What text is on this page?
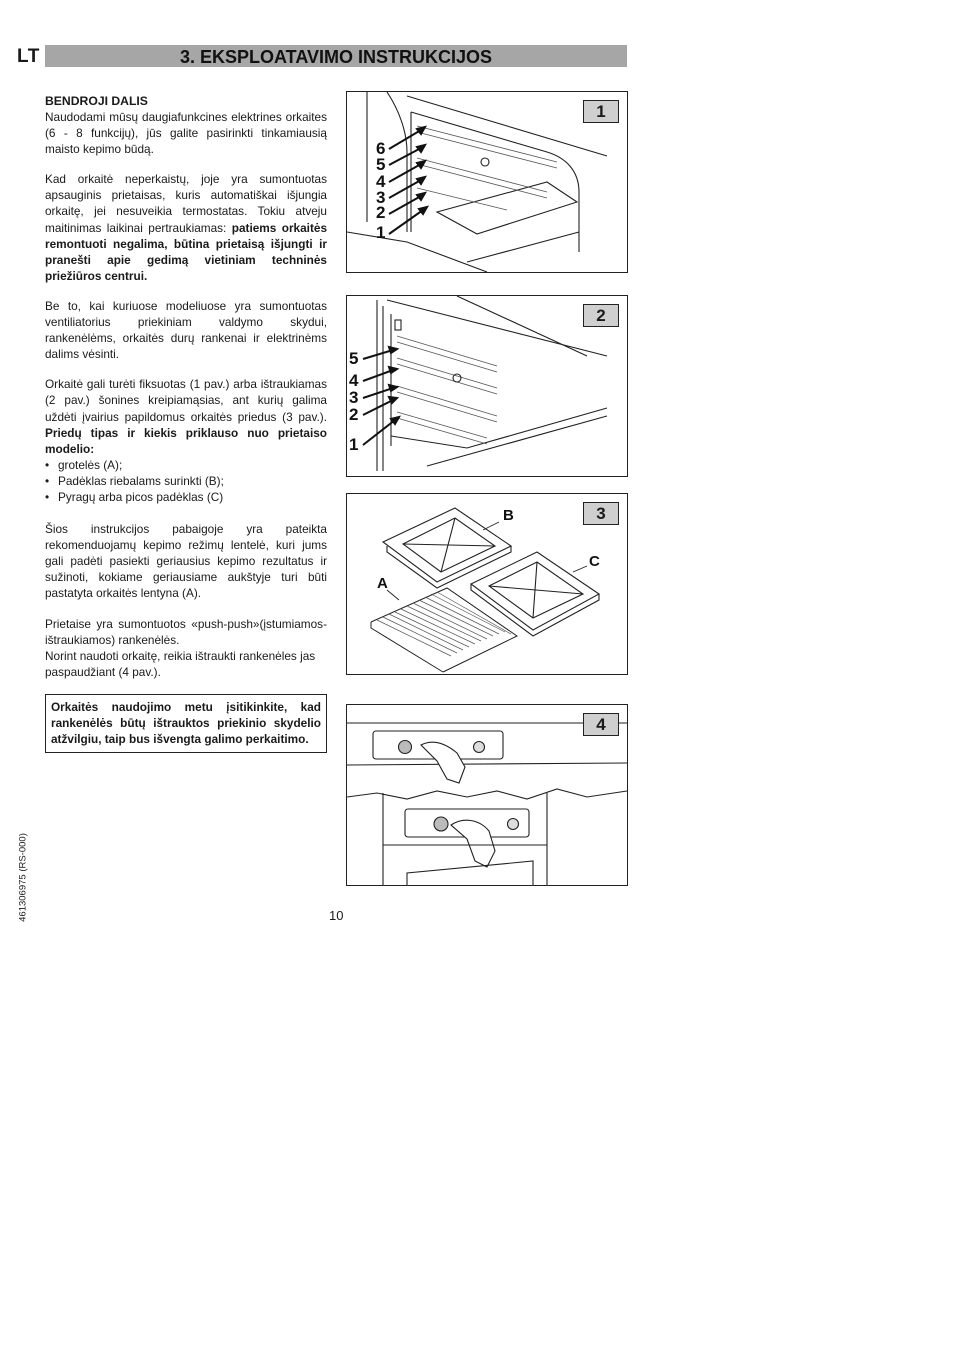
LT	3. EKSPLOATAVIMO INSTRUKCIJOS
BENDROJI DALIS

Naudodami mūsų daugiafunkcines elektrines orkaites (6 - 8 funkcijų), jūs galite pasirinkti tinkamiausią maisto kepimo būdą.

Kad orkaitė neperkaistų, joje yra sumontuotas apsauginis prietaisas, kuris automatiškai išjungia orkaitę, jei nesuveikia termostatas. Tokiu atveju maitinimas laikinai pertraukiamas: patiems orkaitės remontuoti negalima, būtina prietaisą išjungti ir pranešti apie gedimą vietiniam techninės priežiūros centrui.

Be to, kai kuriuose modeliuose yra sumontuotas ventiliatorius priekiniam valdymo skydui, rankenėlėms, orkaitės durų rankenai ir elektrinėms dalims vėsinti.

Orkaitė gali turėti fiksuotas (1 pav.) arba ištraukiamas (2 pav.) šonines kreipiamąsias, ant kurių galima uždėti įvairius papildomus orkaitės priedus (3 pav.). Priedų tipas ir kiekis priklauso nuo prietaiso modelio:

• grotelės (A);
• Padėklas riebalams surinkti (B);
• Pyragų arba picos padėklas (C)

Šios instrukcijos pabaigoje yra pateikta rekomenduojamų kepimo režimų lentelė, kuri jums gali padėti pasiekti geriausius kepimo rezultatus ir sužinoti, kokiame geriausiame aukštyje turi būti pastatyta orkaitės lentyna (A).

Prietaise yra sumontuotos «push-push»(įstumiamos-ištraukiamos) rankenėlės.

Norint naudoti orkaitę, reikia ištraukti rankenėles jas paspaudžiant (4 pav.).

Orkaitės naudojimo metu įsitikinkite, kad rankenėlės būtų ištrauktos priekinio skydelio atžvilgiu, taip bus išvengta galimo perkaitimo.
1
6
5
4
3
2
1
2
5
4
3
2
1
3
B
C
A
4
10
461306975 (RS-000)
